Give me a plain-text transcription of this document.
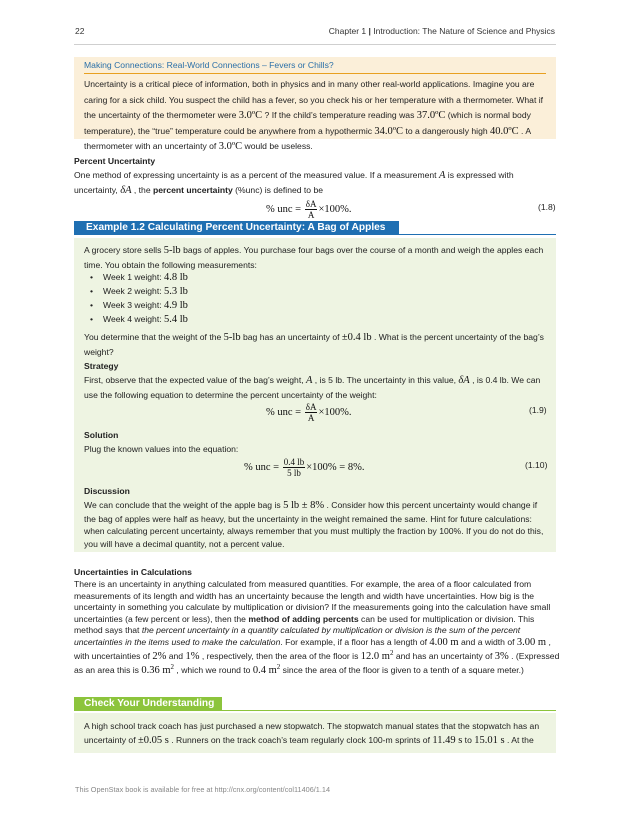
22	Chapter 1 | Introduction: The Nature of Science and Physics
Making Connections: Real-World Connections – Fevers or Chills?

Uncertainty is a critical piece of information, both in physics and in many other real-world applications. Imagine you are caring for a sick child. You suspect the child has a fever, so you check his or her temperature with a thermometer. What if the uncertainty of the thermometer were 3.0ºC ? If the child’s temperature reading was 37.0ºC (which is normal body temperature), the “true” temperature could be anywhere from a hypothermic 34.0ºC to a dangerously high 40.0ºC . A thermometer with an uncertainty of 3.0ºC would be useless.

Percent Uncertainty

One method of expressing uncertainty is as a percent of the measured value. If a measurement A is expressed with uncertainty, δA , the percent uncertainty (%unc) is defined to be

% unc = $\frac{\delta A}{A} \times 100\%$.	(1.8)
Example 1.2 Calculating Percent Uncertainty: A Bag of Apples

A grocery store sells 5-lb bags of apples. You purchase four bags over the course of a month and weigh the apples each time. You obtain the following measurements:

• Week 1 weight: 4.8 lb
• Week 2 weight: 5.3 lb
• Week 3 weight: 4.9 lb
• Week 4 weight: 5.4 lb

You determine that the weight of the 5-lb bag has an uncertainty of ±0.4 lb . What is the percent uncertainty of the bag’s weight?

Strategy

First, observe that the expected value of the bag’s weight, A , is 5 lb. The uncertainty in this value, δA , is 0.4 lb. We can use the following equation to determine the percent uncertainty of the weight:

% unc = $\frac{\delta A}{A} \times 100\%$.	(1.9)
Solution

Plug the known values into the equation:

% unc = $\frac{0.4 lb}{5 lb} \times 100\% = 8\%$.	(1.10)
Discussion

We can conclude that the weight of the apple bag is 5 lb ± 8% . Consider how this percent uncertainty would change if the bag of apples were half as heavy, but the uncertainty in the weight remained the same. Hint for future calculations: when calculating percent uncertainty, always remember that you must multiply the fraction by 100%. If you do not do this, you will have a decimal quantity, not a percent value.

Uncertainties in Calculations

There is an uncertainty in anything calculated from measured quantities. For example, the area of a floor calculated from measurements of its length and width has an uncertainty because the length and width have uncertainties. How big is the uncertainty in something you calculate by multiplication or division? If the measurements going into the calculation have small uncertainties (a few percent or less), then the method of adding percents can be used for multiplication or division. This method says that the percent uncertainty in a quantity calculated by multiplication or division is the sum of the percent uncertainties in the items used to make the calculation. For example, if a floor has a length of 4.00 m and a width of 3.00 m , with uncertainties of 2% and 1% , respectively, then the area of the floor is 12.0 $m^2$ and has an uncertainty of 3% . (Expressed as an area this is 0.36 $m^2$ , which we round to 0.4 $m^2$ since the area of the floor is given to a tenth of a square meter.)

Check Your Understanding

A high school track coach has just purchased a new stopwatch. The stopwatch manual states that the stopwatch has an uncertainty of ±0.05 s . Runners on the track coach’s team regularly clock 100-m sprints of 11.49 s to 15.01 s . At the

This OpenStax book is available for free at http://cnx.org/content/col11406/1.14
